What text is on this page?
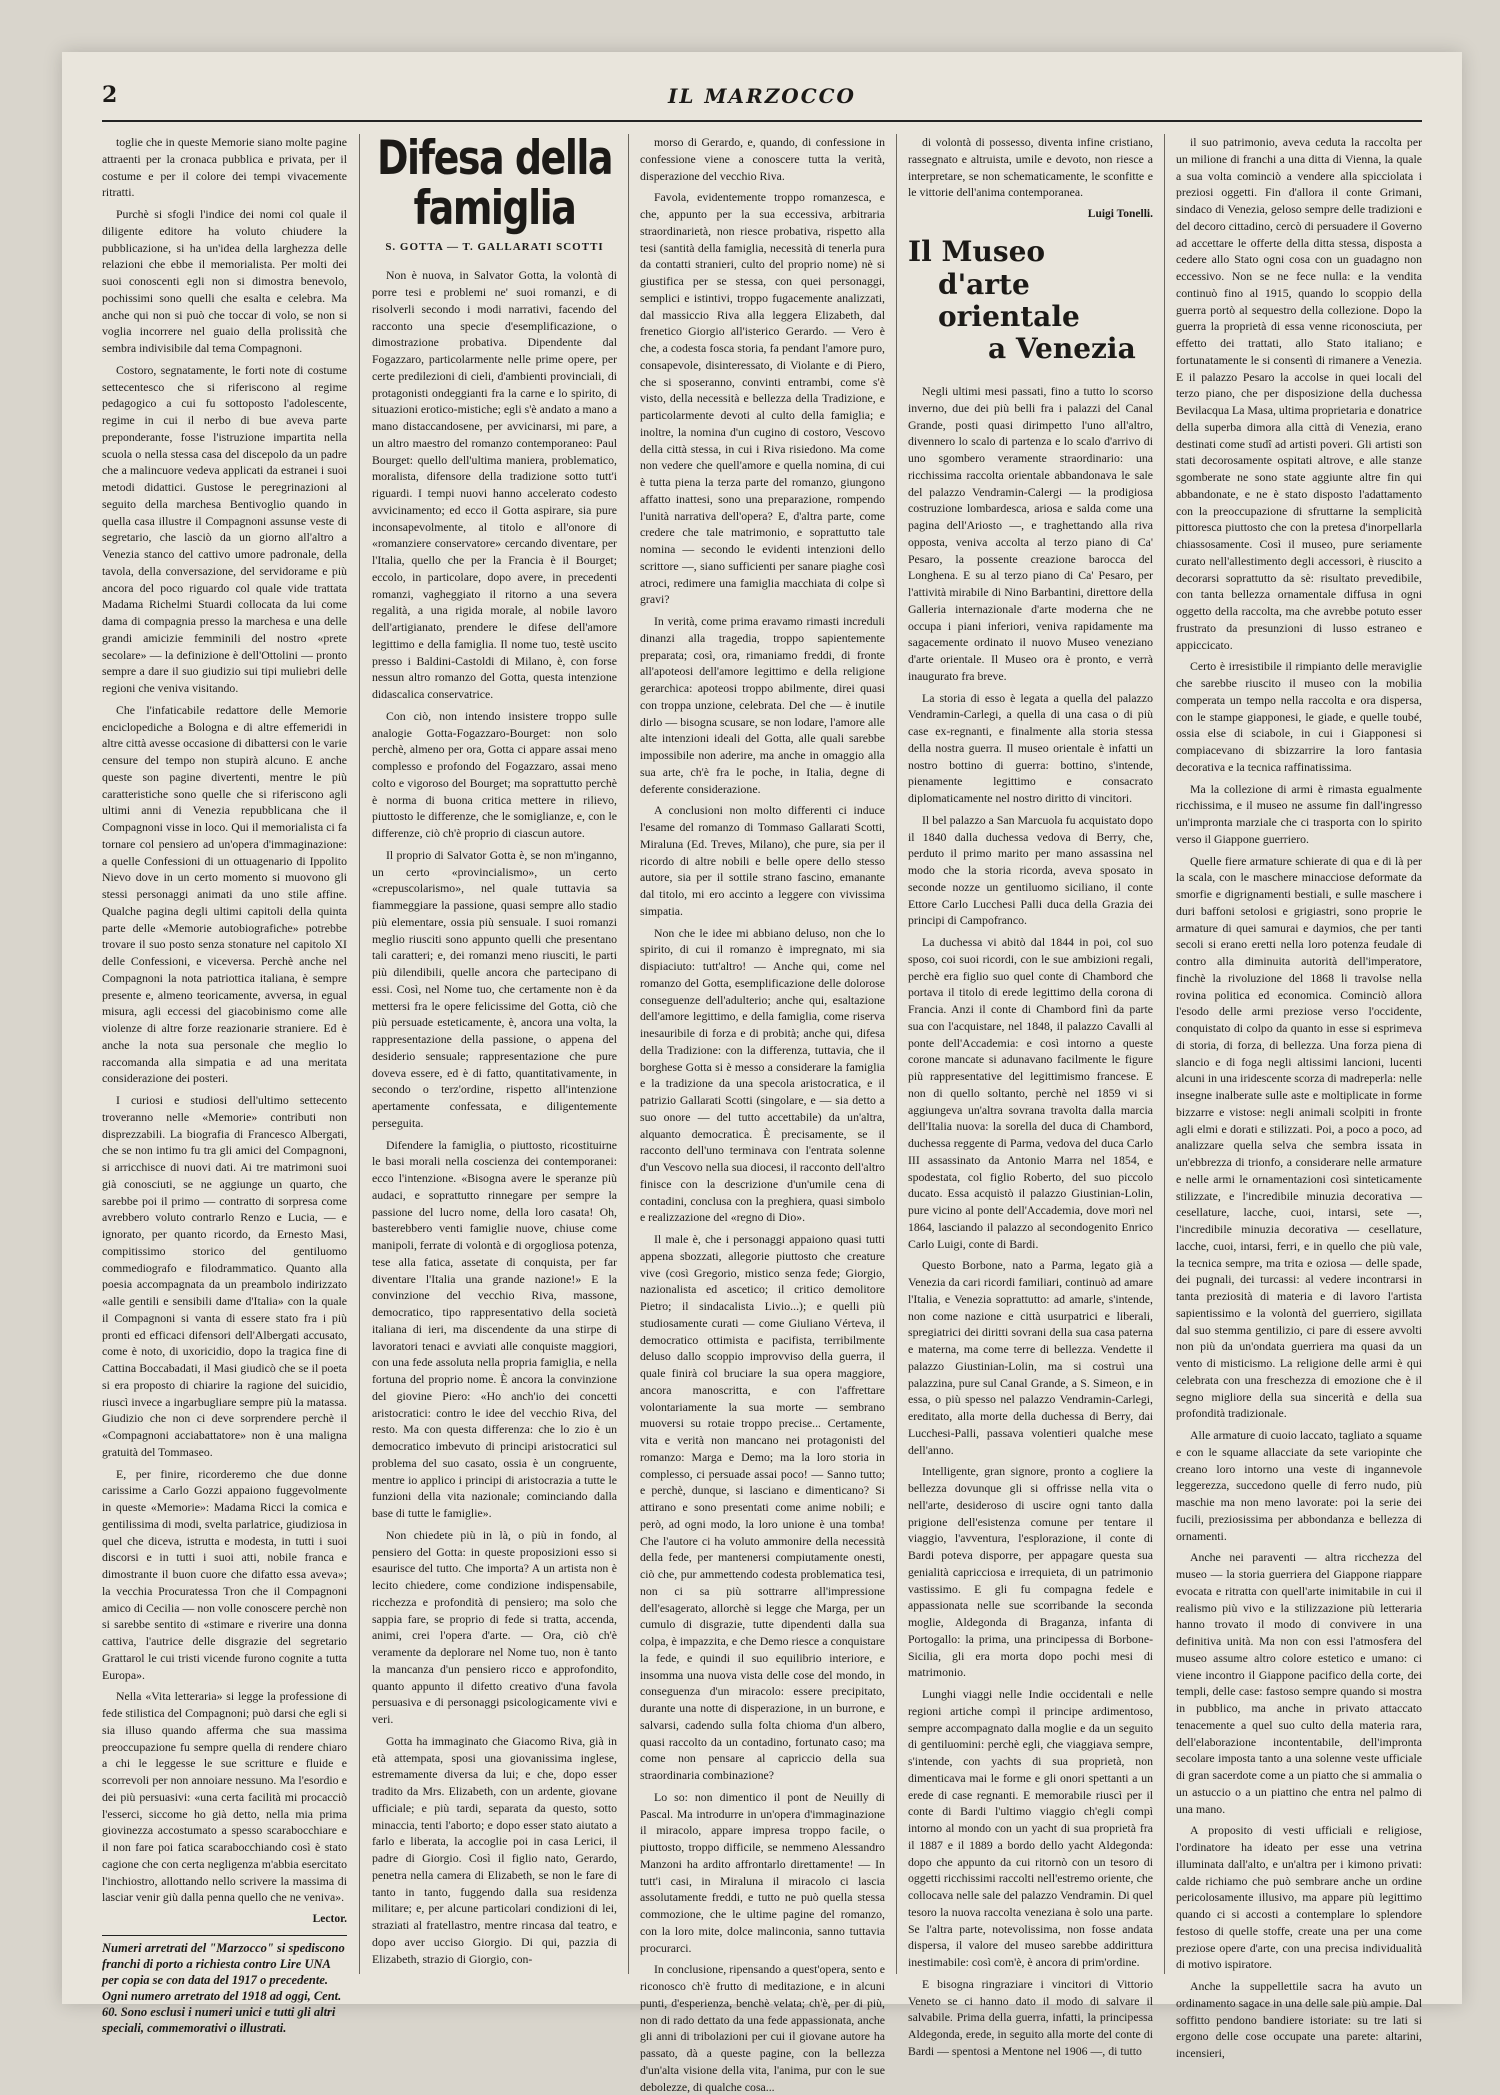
2	IL MARZOCCO

toglie che in queste Memorie siano molte pagine attraenti per la cronaca pubblica e privata, per il costume e per il colore dei tempi vivacemente ritratti.

Purchè si sfogli l'indice dei nomi col quale il diligente editore ha voluto chiudere la pubblicazione, si ha un'idea della larghezza delle relazioni che ebbe il memorialista. Per molti dei suoi conoscenti egli non si dimostra benevolo, pochissimi sono quelli che esalta e celebra. Ma anche qui non si può che toccar di volo, se non si voglia incorrere nel guaio della prolissità che sembra indivisibile dal tema Compagnoni.

Costoro, segnatamente, le forti note di costume settecentesco che si riferiscono al regime pedagogico a cui fu sottoposto l'adolescente, regime in cui il nerbo di bue aveva parte preponderante, fosse l'istruzione impartita nella scuola o nella stessa casa del discepolo da un padre che a malincuore vedeva applicati da estranei i suoi metodi didattici. Gustose le peregrinazioni al seguito della marchesa Bentivoglio quando in quella casa illustre il Compagnoni assunse veste di segretario, che lasciò da un giorno all'altro a Venezia stanco del cattivo umore padronale, della tavola, della conversazione, del servidorame e più ancora del poco riguardo col quale vide trattata Madama Richelmi Stuardi collocata da lui come dama di compagnia presso la marchesa e una delle grandi amicizie femminili del nostro «prete secolare» — la definizione è dell'Ottolini — pronto sempre a dare il suo giudizio sui tipi muliebri delle regioni che veniva visitando.

Che l'infaticabile redattore delle Memorie enciclopediche a Bologna e di altre effemeridi in altre città avesse occasione di dibattersi con le varie censure del tempo non stupirà alcuno. E anche queste son pagine divertenti, mentre le più caratteristiche sono quelle che si riferiscono agli ultimi anni di Venezia repubblicana che il Compagnoni visse in loco. Qui il memorialista ci fa tornare col pensiero ad un'opera d'immaginazione: a quelle Confessioni di un ottuagenario di Ippolito Nievo dove in un certo momento si muovono gli stessi personaggi animati da uno stile affine. Qualche pagina degli ultimi capitoli della quinta parte delle «Memorie autobiografiche» potrebbe trovare il suo posto senza stonature nel capitolo XI delle Confessioni, e viceversa. Perchè anche nel Compagnoni la nota patriottica italiana, è sempre presente e, almeno teoricamente, avversa, in egual misura, agli eccessi del giacobinismo come alle violenze di altre forze reazionarie straniere. Ed è anche la nota sua personale che meglio lo raccomanda alla simpatia e ad una meritata considerazione dei posteri.

I curiosi e studiosi dell'ultimo settecento troveranno nelle «Memorie» contributi non disprezzabili. La biografia di Francesco Albergati, che se non intimo fu tra gli amici del Compagnoni, si arricchisce di nuovi dati. Ai tre matrimoni suoi già conosciuti, se ne aggiunge un quarto, che sarebbe poi il primo — contratto di sorpresa come avrebbero voluto contrarlo Renzo e Lucia, — e ignorato, per quanto ricordo, da Ernesto Masi, compitissimo storico del gentiluomo commediografo e filodrammatico. Quanto alla poesia accompagnata da un preambolo indirizzato «alle gentili e sensibili dame d'Italia» con la quale il Compagnoni si vanta di essere stato fra i più pronti ed efficaci difensori dell'Albergati accusato, come è noto, di uxoricidio, dopo la tragica fine di Cattina Boccabadati, il Masi giudicò che se il poeta si era proposto di chiarire la ragione del suicidio, riuscì invece a ingarbugliare sempre più la matassa. Giudizio che non ci deve sorprendere perchè il «Compagnoni acciabattatore» non è una maligna gratuità del Tommaseo.

E, per finire, ricorderemo che due donne carissime a Carlo Gozzi appaiono fuggevolmente in queste «Memorie»: Madama Ricci la comica e gentilissima di modi, svelta parlatrice, giudiziosa in quel che diceva, istrutta e modesta, in tutti i suoi discorsi e in tutti i suoi atti, nobile franca e dimostrante il buon cuore che difatto essa aveva»; la vecchia Procuratessa Tron che il Compagnoni amico di Cecilia — non volle conoscere perchè non si sarebbe sentito di «stimare e riverire una donna cattiva, l'autrice delle disgrazie del segretario Grattarol le cui tristi vicende furono cognite a tutta Europa».

Nella «Vita letteraria» si legge la professione di fede stilistica del Compagnoni; può darsi che egli si sia illuso quando afferma che sua massima preoccupazione fu sempre quella di rendere chiaro a chi le leggesse le sue scritture e fluide e scorrevoli per non annoiare nessuno. Ma l'esordio e dei più persuasivi: «una certa facilità mi procacciò l'esserci, siccome ho già detto, nella mia prima giovinezza accostumato a spesso scarabocchiare e il non fare poi fatica scarabocchiando così è stato cagione che con certa negligenza m'abbia esercitato l'inchiostro, allottando nello scrivere la massima di lasciar venir giù dalla penna quello che ne veniva».

Lector.
Numeri arretrati del "Marzocco" si spediscono franchi di porto a richiesta contro Lire UNA per copia se con data del 1917 o precedente. Ogni numero arretrato del 1918 ad oggi, Cent. 60. Sono esclusi i numeri unici e tutti gli altri speciali, commemorativi o illustrati.
Difesa della famiglia
S. GOTTA — T. GALLARATI SCOTTI

Non è nuova, in Salvator Gotta, la volontà di porre tesi e problemi ne' suoi romanzi, e di risolverli secondo i modi narrativi, facendo del racconto una specie d'esemplificazione, o dimostrazione probativa. Dipendente dal Fogazzaro, particolarmente nelle prime opere, per certe predilezioni di cieli, d'ambienti provinciali, di protagonisti ondeggianti fra la carne e lo spirito, di situazioni erotico-mistiche; egli s'è andato a mano a mano distaccandosene, per avvicinarsi, mi pare, a un altro maestro del romanzo contemporaneo: Paul Bourget: quello dell'ultima maniera, problematico, moralista, difensore della tradizione sotto tutt'i riguardi. I tempi nuovi hanno accelerato codesto avvicinamento; ed ecco il Gotta aspirare, sia pure inconsapevolmente, al titolo e all'onore di «romanziere conservatore» cercando diventare, per l'Italia, quello che per la Francia è il Bourget; eccolo, in particolare, dopo avere, in precedenti romanzi, vagheggiato il ritorno a una severa regalità, a una rigida morale, al nobile lavoro dell'artigianato, prendere le difese dell'amore legittimo e della famiglia. Il nome tuo, testè uscito presso i Baldini-Castoldi di Milano, è, con forse nessun altro romanzo del Gotta, questa intenzione didascalica conservatrice.

Con ciò, non intendo insistere troppo sulle analogie Gotta-Fogazzaro-Bourget: non solo perchè, almeno per ora, Gotta ci appare assai meno complesso e profondo del Fogazzaro, assai meno colto e vigoroso del Bourget; ma soprattutto perchè è norma di buona critica mettere in rilievo, piuttosto le differenze, che le somiglianze, e, con le differenze, ciò ch'è proprio di ciascun autore.

Il proprio di Salvator Gotta è, se non m'inganno, un certo «provincialismo», un certo «crepuscolarismo», nel quale tuttavia sa fiammeggiare la passione, quasi sempre allo stadio più elementare, ossia più sensuale. I suoi romanzi meglio riusciti sono appunto quelli che presentano tali caratteri; e, dei romanzi meno riusciti, le parti più dilendibili, quelle ancora che partecipano di essi. Così, nel Nome tuo, che certamente non è da mettersi fra le opere felicissime del Gotta, ciò che più persuade esteticamente, è, ancora una volta, la rappresentazione della passione, o appena del desiderio sensuale; rappresentazione che pure doveva essere, ed è di fatto, quantitativamente, in secondo o terz'ordine, rispetto all'intenzione apertamente confessata, e diligentemente perseguita.

Difendere la famiglia, o piuttosto, ricostituirne le basi morali nella coscienza dei contemporanei: ecco l'intenzione. «Bisogna avere le speranze più audaci, e soprattutto rinnegare per sempre la passione del lucro nome, della loro casata! Oh, basterebbero venti famiglie nuove, chiuse come manipoli, ferrate di volontà e di orgogliosa potenza, tese alla fatica, assetate di conquista, per far diventare l'Italia una grande nazione!» E la convinzione del vecchio Riva, massone, democratico, tipo rappresentativo della società italiana di ieri, ma discendente da una stirpe di lavoratori tenaci e avviati alle conquiste maggiori, con una fede assoluta nella propria famiglia, e nella fortuna del proprio nome. È ancora la convinzione del giovine Piero: «Ho anch'io dei concetti aristocratici: contro le idee del vecchio Riva, del resto. Ma con questa differenza: che lo zio è un democratico imbevuto di principi aristocratici sul problema del suo casato, ossia è un congruente, mentre io applico i principi di aristocrazia a tutte le funzioni della vita nazionale; cominciando dalla base di tutte le famiglie».

Non chiedete più in là, o più in fondo, al pensiero del Gotta: in queste proposizioni esso si esaurisce del tutto. Che importa? A un artista non è lecito chiedere, come condizione indispensabile, ricchezza e profondità di pensiero; ma solo che sappia fare, se proprio di fede si tratta, accenda, animi, crei l'opera d'arte. — Ora, ciò ch'è veramente da deplorare nel Nome tuo, non è tanto la mancanza d'un pensiero ricco e approfondito, quanto appunto il difetto creativo d'una favola persuasiva e di personaggi psicologicamente vivi e veri.

Gotta ha immaginato che Giacomo Riva, già in età attempata, sposi una giovanissima inglese, estremamente diversa da lui; e che, dopo esser tradito da Mrs. Elizabeth, con un ardente, giovane ufficiale; e più tardi, separata da questo, sotto minaccia, tenti l'aborto; e dopo esser stato aiutato a farlo e liberata, la accoglie poi in casa Lerici, il padre di Giorgio. Così il figlio nato, Gerardo, penetra nella camera di Elizabeth, se non le fare di tanto in tanto, fuggendo dalla sua residenza militare; e, per alcune particolari condizioni di lei, straziati al fratellastro, mentre rincasa dal teatro, e dopo aver ucciso Giorgio. Di qui, pazzia di Elizabeth, strazio di Giorgio, con-

morso di Gerardo, e, quando, di confessione in confessione viene a conoscere tutta la verità, disperazione del vecchio Riva.

Favola, evidentemente troppo romanzesca, e che, appunto per la sua eccessiva, arbitraria straordinarietà, non riesce probativa, rispetto alla tesi (santità della famiglia, necessità di tenerla pura da contatti stranieri, culto del proprio nome) nè si giustifica per se stessa, con quei personaggi, semplici e istintivi, troppo fugacemente analizzati, dal massiccio Riva alla leggera Elizabeth, dal frenetico Giorgio all'isterico Gerardo. — Vero è che, a codesta fosca storia, fa pendant l'amore puro, consapevole, disinteressato, di Violante e di Piero, che si sposeranno, convinti entrambi, come s'è visto, della necessità e bellezza della Tradizione, e particolarmente devoti al culto della famiglia; e inoltre, la nomina d'un cugino di costoro, Vescovo della città stessa, in cui i Riva risiedono. Ma come non vedere che quell'amore e quella nomina, di cui è tutta piena la terza parte del romanzo, giungono affatto inattesi, sono una preparazione, rompendo l'unità narrativa dell'opera? E, d'altra parte, come credere che tale matrimonio, e soprattutto tale nomina — secondo le evidenti intenzioni dello scrittore —, siano sufficienti per sanare piaghe così atroci, redimere una famiglia macchiata di colpe sì gravi?

In verità, come prima eravamo rimasti increduli dinanzi alla tragedia, troppo sapientemente preparata; così, ora, rimaniamo freddi, di fronte all'apoteosi dell'amore legittimo e della religione gerarchica: apoteosi troppo abilmente, direi quasi con troppa unzione, celebrata. Del che — è inutile dirlo — bisogna scusare, se non lodare, l'amore alle alte intenzioni ideali del Gotta, alle quali sarebbe impossibile non aderire, ma anche in omaggio alla sua arte, ch'è fra le poche, in Italia, degne di deferente considerazione.

A conclusioni non molto differenti ci induce l'esame del romanzo di Tommaso Gallarati Scotti, Miraluna (Ed. Treves, Milano), che pure, sia per il ricordo di altre nobili e belle opere dello stesso autore, sia per il sottile strano fascino, emanante dal titolo, mi ero accinto a leggere con vivissima simpatia.

Non che le idee mi abbiano deluso, non che lo spirito, di cui il romanzo è impregnato, mi sia dispiaciuto: tutt'altro! — Anche qui, come nel romanzo del Gotta, esemplificazione delle dolorose conseguenze dell'adulterio; anche qui, esaltazione dell'amore legittimo, e della famiglia, come riserva inesauribile di forza e di probità; anche qui, difesa della Tradizione: con la differenza, tuttavia, che il borghese Gotta si è messo a considerare la famiglia e la tradizione da una specola aristocratica, e il patrizio Gallarati Scotti (singolare, e — sia detto a suo onore — del tutto accettabile) da un'altra, alquanto democratica. È precisamente, se il racconto dell'uno terminava con l'entrata solenne d'un Vescovo nella sua diocesi, il racconto dell'altro finisce con la descrizione d'un'umile cena di contadini, conclusa con la preghiera, quasi simbolo e realizzazione del «regno di Dio».

Il male è, che i personaggi appaiono quasi tutti appena sbozzati, allegorie piuttosto che creature vive (così Gregorio, mistico senza fede; Giorgio, nazionalista ed ascetico; il critico demolitore Pietro; il sindacalista Livio...); e quelli più studiosamente curati — come Giuliano Vérteva, il democratico ottimista e pacifista, terribilmente deluso dallo scoppio improvviso della guerra, il quale finirà col bruciare la sua opera maggiore, ancora manoscritta, e con l'affrettare volontariamente la sua morte — sembrano muoversi su rotaie troppo precise... Certamente, vita e verità non mancano nei protagonisti del romanzo: Marga e Demo; ma la loro storia in complesso, ci persuade assai poco! — Sanno tutto; e perchè, dunque, si lasciano e dimenticano? Si attirano e sono presentati come anime nobili; e però, ad ogni modo, la loro unione è una tomba! Che l'autore ci ha voluto ammonire della necessità della fede, per mantenersi compiutamente onesti, ciò che, pur ammettendo codesta problematica tesi, non ci sa più sottrarre all'impressione dell'esagerato, allorchè si legge che Marga, per un cumulo di disgrazie, tutte dipendenti dalla sua colpa, è impazzita, e che Demo riesce a conquistare la fede, e quindi il suo equilibrio interiore, e insomma una nuova vista delle cose del mondo, in conseguenza d'un miracolo: essere precipitato, durante una notte di disperazione, in un burrone, e salvarsi, cadendo sulla folta chioma d'un albero, quasi raccolto da un contadino, fortunato caso; ma come non pensare al capriccio della sua straordinaria combinazione?

Lo so: non dimentico il pont de Neuilly di Pascal. Ma introdurre in un'opera d'immaginazione il miracolo, appare impresa troppo facile, o piuttosto, troppo difficile, se nemmeno Alessandro Manzoni ha ardito affrontarlo direttamente! — In tutt'i casi, in Miraluna il miracolo ci lascia assolutamente freddi, e tutto ne può quella stessa commozione, che le ultime pagine del romanzo, con la loro mite, dolce malinconia, sanno tuttavia procurarci.

In conclusione, ripensando a quest'opera, sento e riconosco ch'è frutto di meditazione, e in alcuni punti, d'esperienza, benchè velata; ch'è, per di più, non di rado dettato da una fede appassionata, anche gli anni di tribolazioni per cui il giovane autore ha passato, dà a queste pagine, con la bellezza d'un'alta visione della vita, l'anima, pur con le sue debolezze, di qualche cosa...

di volontà di possesso, diventa infine cristiano, rassegnato e altruista, umile e devoto, non riesce a interpretare, se non schematicamente, le sconfitte e le vittorie dell'anima contemporanea.

Luigi Tonelli.
Il Museo
d'arte orientale
a Venezia

Negli ultimi mesi passati, fino a tutto lo scorso inverno, due dei più belli fra i palazzi del Canal Grande, posti quasi dirimpetto l'uno all'altro, divennero lo scalo di partenza e lo scalo d'arrivo di uno sgombero veramente straordinario: una ricchissima raccolta orientale abbandonava le sale del palazzo Vendramin-Calergi — la prodigiosa costruzione lombardesca, ariosa e salda come una pagina dell'Ariosto —, e traghettando alla riva opposta, veniva accolta al terzo piano di Ca' Pesaro, la possente creazione barocca del Longhena. E su al terzo piano di Ca' Pesaro, per l'attività mirabile di Nino Barbantini, direttore della Galleria internazionale d'arte moderna che ne occupa i piani inferiori, veniva rapidamente ma sagacemente ordinato il nuovo Museo veneziano d'arte orientale. Il Museo ora è pronto, e verrà inaugurato fra breve.

La storia di esso è legata a quella del palazzo Vendramin-Carlegi, a quella di una casa o di più case ex-regnanti, e finalmente alla storia stessa della nostra guerra. Il museo orientale è infatti un nostro bottino di guerra: bottino, s'intende, pienamente legittimo e consacrato diplomaticamente nel nostro diritto di vincitori.

Il bel palazzo a San Marcuola fu acquistato dopo il 1840 dalla duchessa vedova di Berry, che, perduto il primo marito per mano assassina nel modo che la storia ricorda, aveva sposato in seconde nozze un gentiluomo siciliano, il conte Ettore Carlo Lucchesi Palli duca della Grazia dei principi di Campofranco.

La duchessa vi abitò dal 1844 in poi, col suo sposo, coi suoi ricordi, con le sue ambizioni regali, perchè era figlio suo quel conte di Chambord che portava il titolo di erede legittimo della corona di Francia. Anzi il conte di Chambord finì da parte sua con l'acquistare, nel 1848, il palazzo Cavalli al ponte dell'Accademia: e così intorno a queste corone mancate si adunavano facilmente le figure più rappresentative del legittimismo francese. E non di quello soltanto, perchè nel 1859 vi si aggiungeva un'altra sovrana travolta dalla marcia dell'Italia nuova: la sorella del duca di Chambord, duchessa reggente di Parma, vedova del duca Carlo III assassinato da Antonio Marra nel 1854, e spodestata, col figlio Roberto, del suo piccolo ducato. Essa acquistò il palazzo Giustinian-Lolin, pure vicino al ponte dell'Accademia, dove morì nel 1864, lasciando il palazzo al secondogenito Enrico Carlo Luigi, conte di Bardi.

Questo Borbone, nato a Parma, legato già a Venezia da cari ricordi familiari, continuò ad amare l'Italia, e Venezia soprattutto: ad amarle, s'intende, non come nazione e città usurpatrici e liberali, spregiatrici dei diritti sovrani della sua casa paterna e materna, ma come terre di bellezza. Vendette il palazzo Giustinian-Lolin, ma si costruì una palazzina, pure sul Canal Grande, a S. Simeon, e in essa, o più spesso nel palazzo Vendramin-Carlegi, ereditato, alla morte della duchessa di Berry, dai Lucchesi-Palli, passava volentieri qualche mese dell'anno.

Intelligente, gran signore, pronto a cogliere la bellezza dovunque gli si offrisse nella vita o nell'arte, desideroso di uscire ogni tanto dalla prigione dell'esistenza comune per tentare il viaggio, l'avventura, l'esplorazione, il conte di Bardi poteva disporre, per appagare questa sua genialità capricciosa e irrequieta, di un patrimonio vastissimo. E gli fu compagna fedele e appassionata nelle sue scorribande la seconda moglie, Aldegonda di Braganza, infanta di Portogallo: la prima, una principessa di Borbone-Sicilia, gli era morta dopo pochi mesi di matrimonio.

Lunghi viaggi nelle Indie occidentali e nelle regioni artiche compì il principe ardimentoso, sempre accompagnato dalla moglie e da un seguito di gentiluomini: perchè egli, che viaggiava sempre, s'intende, con yachts di sua proprietà, non dimenticava mai le forme e gli onori spettanti a un erede di case regnanti. E memorabile riuscì per il conte di Bardi l'ultimo viaggio ch'egli compì intorno al mondo con un yacht di sua proprietà fra il 1887 e il 1889 a bordo dello yacht Aldegonda: dopo che appunto da cui ritornò con un tesoro di oggetti ricchissimi raccolti nell'estremo oriente, che collocava nelle sale del palazzo Vendramin. Di quel tesoro la nuova raccolta veneziana è solo una parte. Se l'altra parte, notevolissima, non fosse andata dispersa, il valore del museo sarebbe addirittura inestimabile: così com'è, è ancora di prim'ordine.

E bisogna ringraziare i vincitori di Vittorio Veneto se ci hanno dato il modo di salvare il salvabile. Prima della guerra, infatti, la principessa Aldegonda, erede, in seguito alla morte del conte di Bardi — spentosi a Mentone nel 1906 —, di tutto

il suo patrimonio, aveva ceduta la raccolta per un milione di franchi a una ditta di Vienna, la quale a sua volta cominciò a vendere alla spicciolata i preziosi oggetti. Fin d'allora il conte Grimani, sindaco di Venezia, geloso sempre delle tradizioni e del decoro cittadino, cercò di persuadere il Governo ad accettare le offerte della ditta stessa, disposta a cedere allo Stato ogni cosa con un guadagno non eccessivo. Non se ne fece nulla: e la vendita continuò fino al 1915, quando lo scoppio della guerra portò al sequestro della collezione. Dopo la guerra la proprietà di essa venne riconosciuta, per effetto dei trattati, allo Stato italiano; e fortunatamente le si consentì di rimanere a Venezia. E il palazzo Pesaro la accolse in quei locali del terzo piano, che per disposizione della duchessa Bevilacqua La Masa, ultima proprietaria e donatrice della superba dimora alla città di Venezia, erano destinati come studî ad artisti poveri. Gli artisti son stati decorosamente ospitati altrove, e alle stanze sgomberate ne sono state aggiunte altre fin qui abbandonate, e ne è stato disposto l'adattamento con la preoccupazione di sfruttarne la semplicità pittoresca piuttosto che con la pretesa d'inorpellarla chiassosamente. Così il museo, pure seriamente curato nell'allestimento degli accessori, è riuscito a decorarsi soprattutto da sè: risultato prevedibile, con tanta bellezza ornamentale diffusa in ogni oggetto della raccolta, ma che avrebbe potuto esser frustrato da presunzioni di lusso estraneo e appiccicato.

Certo è irresistibile il rimpianto delle meraviglie che sarebbe riuscito il museo con la mobilia comperata un tempo nella raccolta e ora dispersa, con le stampe giapponesi, le giade, e quelle toubé, ossia else di sciabole, in cui i Giapponesi si compiacevano di sbizzarrire la loro fantasia decorativa e la tecnica raffinatissima.

Ma la collezione di armi è rimasta egualmente ricchissima, e il museo ne assume fin dall'ingresso un'impronta marziale che ci trasporta con lo spirito verso il Giappone guerriero.

Quelle fiere armature schierate di qua e di là per la scala, con le maschere minacciose deformate da smorfie e digrignamenti bestiali, e sulle maschere i duri baffoni setolosi e grigiastri, sono proprie le armature di quei samurai e daymios, che per tanti secoli si erano eretti nella loro potenza feudale di contro alla diminuita autorità dell'imperatore, finchè la rivoluzione del 1868 li travolse nella rovina politica ed economica. Cominciò allora l'esodo delle armi preziose verso l'occidente, conquistato di colpo da quanto in esse si esprimeva di storia, di forza, di bellezza. Una forza piena di slancio e di foga negli altissimi lancioni, lucenti alcuni in una iridescente scorza di madreperla: nelle insegne inalberate sulle aste e moltiplicate in forme bizzarre e vistose: negli animali scolpiti in fronte agli elmi e dorati e stilizzati. Poi, a poco a poco, ad analizzare quella selva che sembra issata in un'ebbrezza di trionfo, a considerare nelle armature e nelle armi le ornamentazioni così sinteticamente stilizzate, e l'incredibile minuzia decorativa — cesellature, lacche, cuoi, intarsi, sete —, l'incredibile minuzia decorativa — cesellature, lacche, cuoi, intarsi, ferri, e in quello che più vale, la tecnica sempre, ma trita e oziosa — delle spade, dei pugnali, dei turcassi: al vedere incontrarsi in tanta preziosità di materia e di lavoro l'artista sapientissimo e la volontà del guerriero, sigillata dal suo stemma gentilizio, ci pare di essere avvolti non più da un'ondata guerriera ma quasi da un vento di misticismo. La religione delle armi è qui celebrata con una freschezza di emozione che è il segno migliore della sua sincerità e della sua profondità tradizionale.

Alle armature di cuoio laccato, tagliato a squame e con le squame allacciate da sete variopinte che creano loro intorno una veste di ingannevole leggerezza, succedono quelle di ferro nudo, più maschie ma non meno lavorate: poi la serie dei fucili, preziosissima per abbondanza e bellezza di ornamenti.

Anche nei paraventi — altra ricchezza del museo — la storia guerriera del Giappone riappare evocata e ritratta con quell'arte inimitabile in cui il realismo più vivo e la stilizzazione più letteraria hanno trovato il modo di convivere in una definitiva unità. Ma non con essi l'atmosfera del museo assume altro colore estetico e umano: ci viene incontro il Giappone pacifico della corte, dei templi, delle case: fastoso sempre quando si mostra in pubblico, ma anche in privato attaccato tenacemente a quel suo culto della materia rara, dell'elaborazione incontentabile, dell'impronta secolare imposta tanto a una solenne veste ufficiale di gran sacerdote come a un piatto che si ammalia o un astuccio o a un piattino che entra nel palmo di una mano.

A proposito di vesti ufficiali e religiose, l'ordinatore ha ideato per esse una vetrina illuminata dall'alto, e un'altra per i kimono privati: calde richiamo che può sembrare anche un ordine pericolosamente illusivo, ma appare più legittimo quando ci si accosti a contemplare lo splendore festoso di quelle stoffe, create una per una come preziose opere d'arte, con una precisa individualità di motivo ispiratore.

Anche la suppellettile sacra ha avuto un ordinamento sagace in una delle sale più ampie. Dal soffitto pendono bandiere istoriate: su tre lati si ergono delle cose occupate una parete: altarini, incensieri,
